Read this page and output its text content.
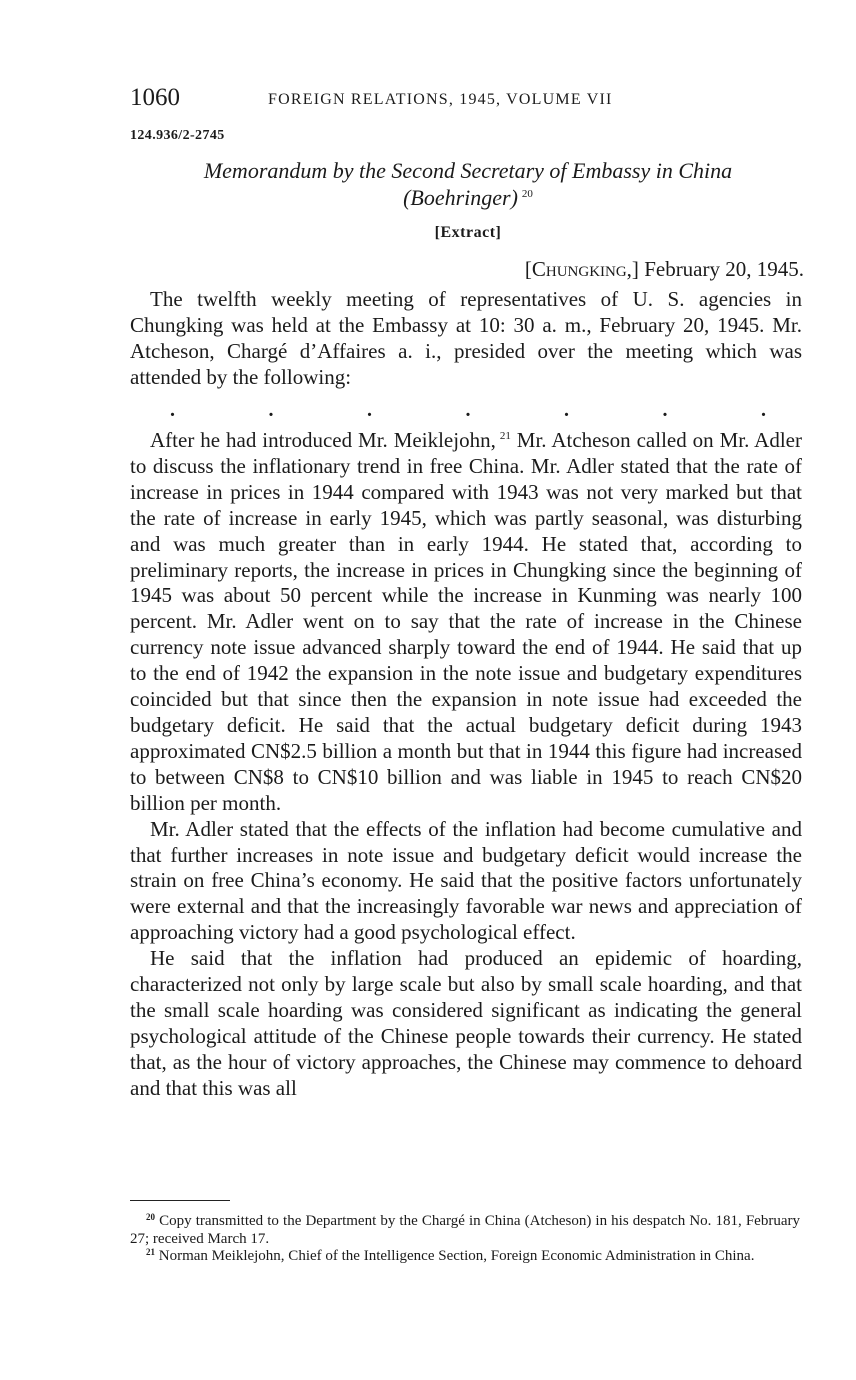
1060	FOREIGN RELATIONS, 1945, VOLUME VII
124.936/2-2745
Memorandum by the Second Secretary of Embassy in China
(Boehringer) $^{20}$
[Extract]
[Chungking,] February 20, 1945.

The twelfth weekly meeting of representatives of U. S. agencies in Chungking was held at the Embassy at 10: 30 a. m., February 20, 1945. Mr. Atcheson, Chargé d’Affaires a. i., presided over the meeting which was attended by the following:

.	.	.	.	.	.	.

After he had introduced Mr. Meiklejohn, $^{21}$ Mr. Atcheson called on Mr. Adler to discuss the inflationary trend in free China. Mr. Adler stated that the rate of increase in prices in 1944 compared with 1943 was not very marked but that the rate of increase in early 1945, which was partly seasonal, was disturbing and was much greater than in early 1944. He stated that, according to preliminary reports, the increase in prices in Chungking since the beginning of 1945 was about 50 percent while the increase in Kunming was nearly 100 percent. Mr. Adler went on to say that the rate of increase in the Chinese currency note issue advanced sharply toward the end of 1944. He said that up to the end of 1942 the expansion in the note issue and budgetary expenditures coincided but that since then the expansion in note issue had exceeded the budgetary deficit. He said that the actual budgetary deficit during 1943 approximated CN$2.5 billion a month but that in 1944 this figure had increased to between CN$8 to CN$10 billion and was liable in 1945 to reach CN$20 billion per month.

Mr. Adler stated that the effects of the inflation had become cumulative and that further increases in note issue and budgetary deficit would increase the strain on free China’s economy. He said that the positive factors unfortunately were external and that the increasingly favorable war news and appreciation of approaching victory had a good psychological effect.

He said that the inflation had produced an epidemic of hoarding, characterized not only by large scale but also by small scale hoarding, and that the small scale hoarding was considered significant as indicating the general psychological attitude of the Chinese people towards their currency. He stated that, as the hour of victory approaches, the Chinese may commence to dehoard and that this was all

$^{20}$ Copy transmitted to the Department by the Chargé in China (Atcheson) in his despatch No. 181, February 27; received March 17.

$^{21}$ Norman Meiklejohn, Chief of the Intelligence Section, Foreign Economic Administration in China.
